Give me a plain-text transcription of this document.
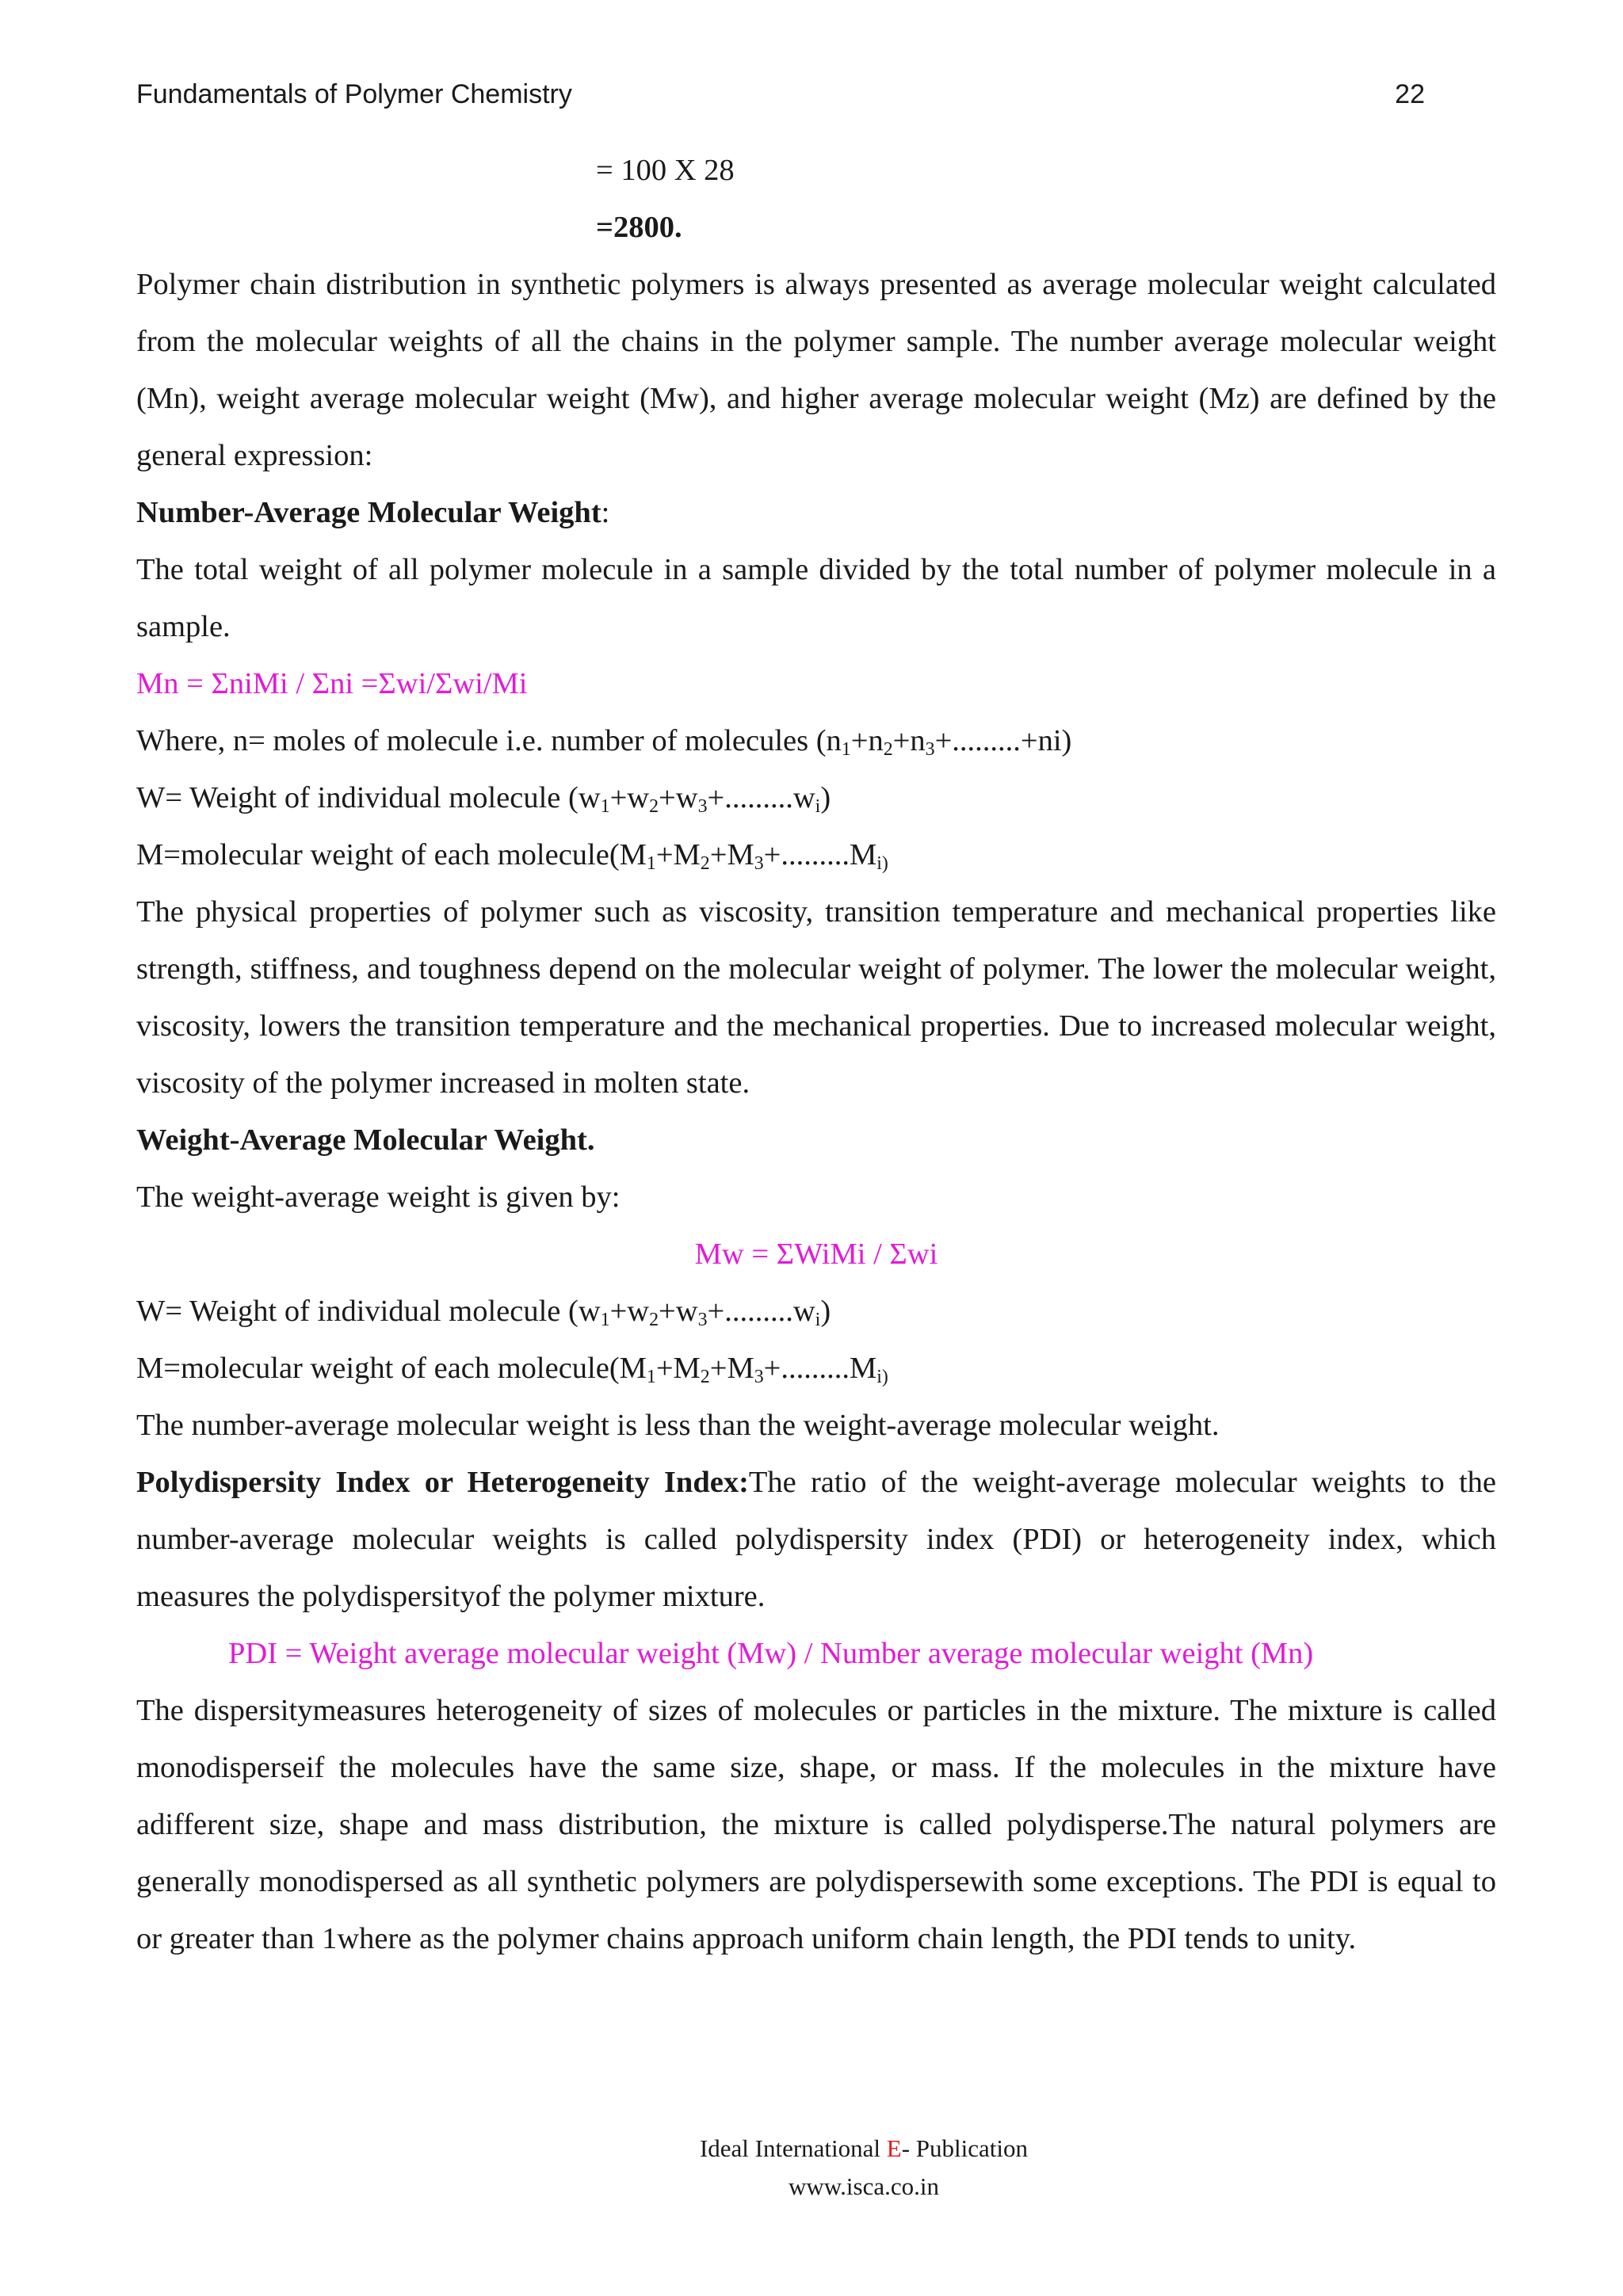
Fundamentals of Polymer Chemistry	22

= 100 X 28

=2800.

Polymer chain distribution in synthetic polymers is always presented as average molecular weight calculated from the molecular weights of all the chains in the polymer sample. The number average molecular weight (Mn), weight average molecular weight (Mw), and higher average molecular weight (Mz) are defined by the general expression:

Number-Average Molecular Weight:

The total weight of all polymer molecule in a sample divided by the total number of polymer molecule in a sample.

Mn = ΣniMi / Σni =Σwi/Σwi/Mi

Where, n= moles of molecule i.e. number of molecules $(n_1+n_2+n_3+.........+ni)$

W= Weight of individual molecule $(w_1+w_2+w_3+.........w_i)$

M=molecular weight of each $molecule(M_1+M_2+M_3+.........M_{i)}$

The physical properties of polymer such as viscosity, transition temperature and mechanical properties like strength, stiffness, and toughness depend on the molecular weight of polymer. The lower the molecular weight, viscosity, lowers the transition temperature and the mechanical properties. Due to increased molecular weight, viscosity of the polymer increased in molten state.

Weight-Average Molecular Weight.

The weight-average weight is given by:

Mw = ΣWiMi / Σwi

W= Weight of individual molecule $(w_1+w_2+w_3+.........w_i)$

M=molecular weight of each $molecule(M_1+M_2+M_3+.........M_{i)}$

The number-average molecular weight is less than the weight-average molecular weight.

Polydispersity Index or Heterogeneity Index:The ratio of the weight-average molecular weights to the number-average molecular weights is called polydispersity index (PDI) or heterogeneity index, which measures the polydispersityof the polymer mixture.

PDI = Weight average molecular weight (Mw) / Number average molecular weight (Mn)

The dispersitymeasures heterogeneity of sizes of molecules or particles in the mixture. The mixture is called monodisperseif the molecules have the same size, shape, or mass. If the molecules in the mixture have adifferent size, shape and mass distribution, the mixture is called polydisperse.The natural polymers are generally monodispersed as all synthetic polymers are polydispersewith some exceptions. The PDI is equal to or greater than 1where as the polymer chains approach uniform chain length, the PDI tends to unity.

Ideal International E- Publication
www.isca.co.in
